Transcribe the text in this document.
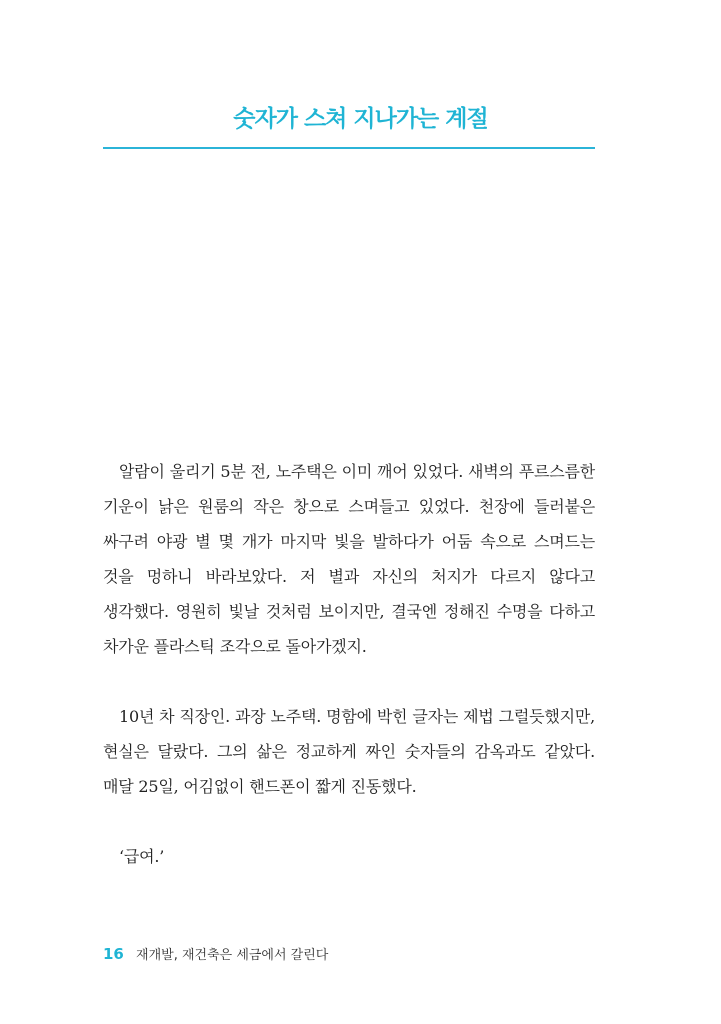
숫자가 스쳐 지나가는 계절

알람이 울리기 5분 전, 노주택은 이미 깨어 있었다. 새벽의 푸르스름한 기운이 낡은 원룸의 작은 창으로 스며들고 있었다. 천장에 들러붙은 싸구려 야광 별 몇 개가 마지막 빛을 발하다가 어둠 속으로 스며드는 것을 멍하니 바라보았다. 저 별과 자신의 처지가 다르지 않다고 생각했다. 영원히 빛날 것처럼 보이지만, 결국엔 정해진 수명을 다하고 차가운 플라스틱 조각으로 돌아가겠지.

10년 차 직장인. 과장 노주택. 명함에 박힌 글자는 제법 그럴듯했지만, 현실은 달랐다. 그의 삶은 정교하게 짜인 숫자들의 감옥과도 같았다. 매달 25일, 어김없이 핸드폰이 짧게 진동했다.

‘급여.’

16 재개발, 재건축은 세금에서 갈린다
